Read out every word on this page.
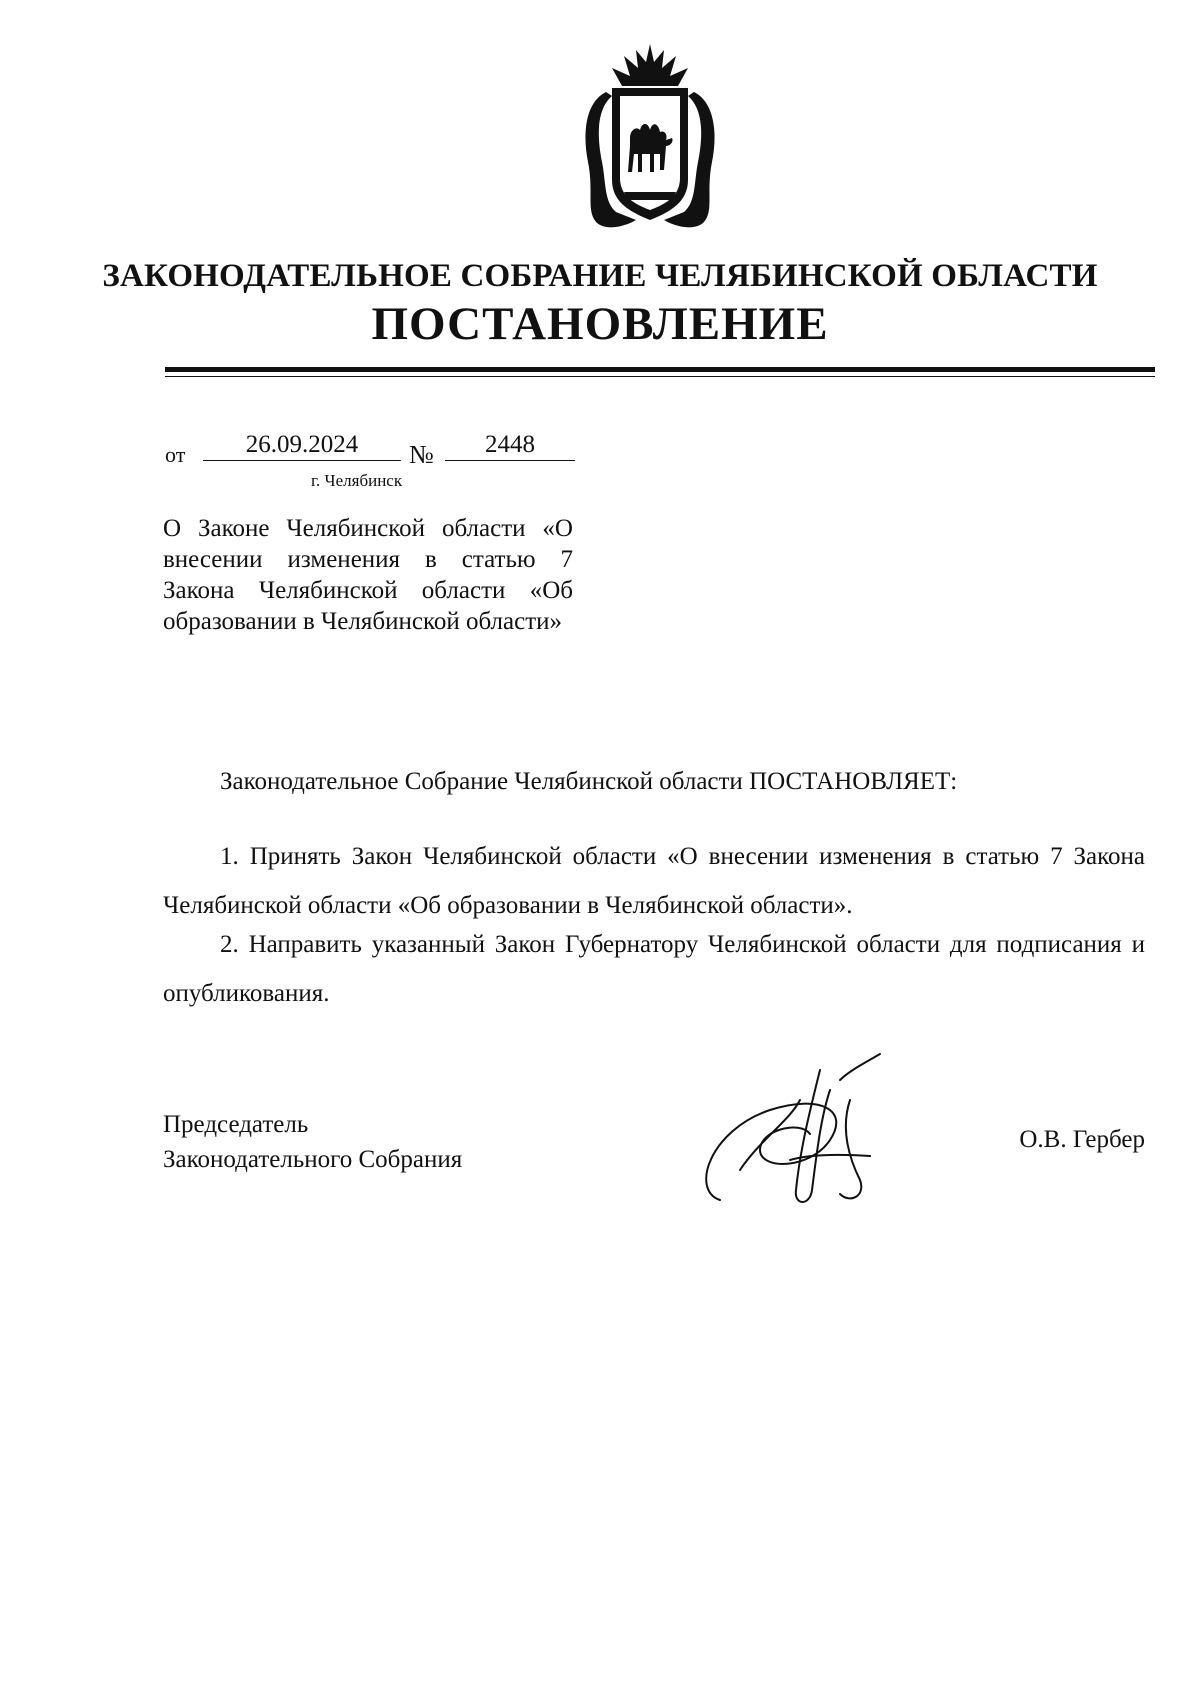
ЗАКОНОДАТЕЛЬНОЕ СОБРАНИЕ ЧЕЛЯБИНСКОЙ ОБЛАСТИ
ПОСТАНОВЛЕНИЕ
от	26.09.2024	№	2448
г. Челябинск
О Законе Челябинской области «О внесении изменения в статью 7 Закона Челябинской области «Об образовании в Челябинской области»
Законодательное Собрание Челябинской области ПОСТАНОВЛЯЕТ:
1. Принять Закон Челябинской области «О внесении изменения в статью 7 Закона Челябинской области «Об образовании в Челябинской области».
2. Направить указанный Закон Губернатору Челябинской области для подписания и опубликования.
Председатель
Законодательного Собрания
О.В. Гербер
